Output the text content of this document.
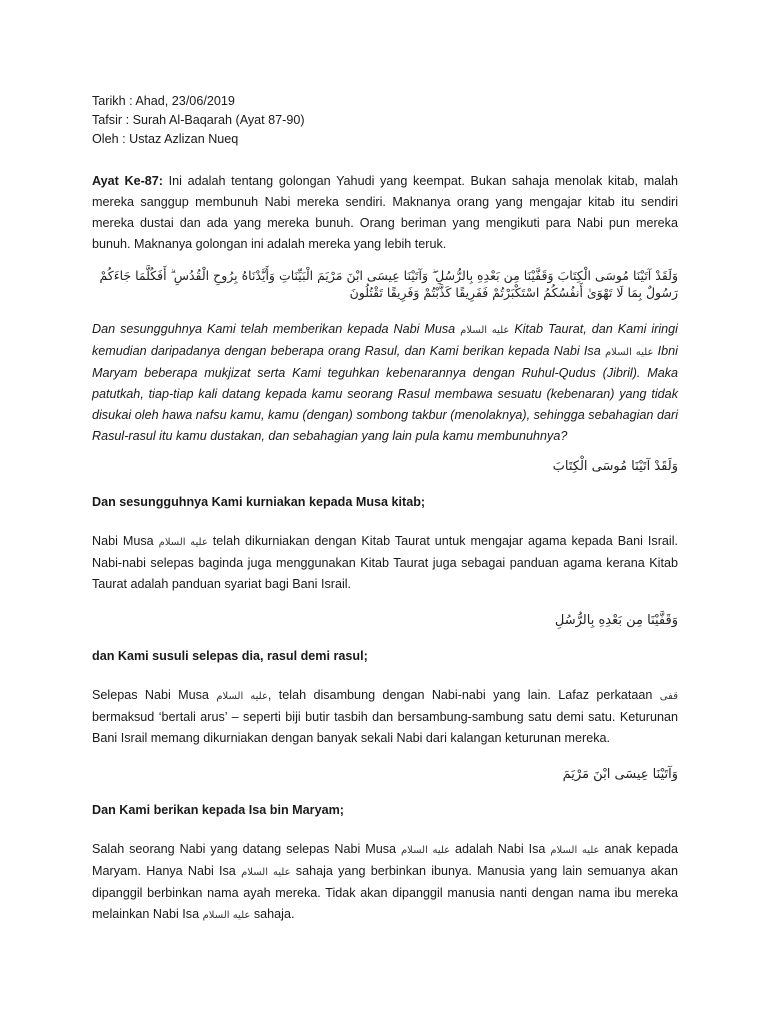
Tarikh : Ahad, 23/06/2019
Tafsir : Surah Al-Baqarah (Ayat 87-90)
Oleh : Ustaz Azlizan Nueq

Ayat Ke-87: Ini adalah tentang golongan Yahudi yang keempat. Bukan sahaja menolak kitab, malah mereka sanggup membunuh Nabi mereka sendiri. Maknanya orang yang mengajar kitab itu sendiri mereka dustai dan ada yang mereka bunuh. Orang beriman yang mengikuti para Nabi pun mereka bunuh. Maknanya golongan ini adalah mereka yang lebih teruk.

وَلَقَدْ آتَيْنَا مُوسَى الْكِتَابَ وَقَفَّيْنَا مِن بَعْدِهِ بِالرُّسُلِ ۖ وَآتَيْنَا عِيسَى ابْنَ مَرْيَمَ الْبَيِّنَاتِ وَأَيَّدْنَاهُ بِرُوحِ الْقُدُسِ ۗ أَفَكُلَّمَا جَاءَكُمْ رَسُولٌ بِمَا لَا تَهْوَىٰ أَنفُسُكُمُ اسْتَكْبَرْتُمْ فَفَرِيقًا كَذَّبْتُمْ وَفَرِيقًا تَقْتُلُونَ

Dan sesungguhnya Kami telah memberikan kepada Nabi Musa عليه السلام Kitab Taurat, dan Kami iringi kemudian daripadanya dengan beberapa orang Rasul, dan Kami berikan kepada Nabi Isa عليه السلام Ibni Maryam beberapa mukjizat serta Kami teguhkan kebenarannya dengan Ruhul-Qudus (Jibril). Maka patutkah, tiap-tiap kali datang kepada kamu seorang Rasul membawa sesuatu (kebenaran) yang tidak disukai oleh hawa nafsu kamu, kamu (dengan) sombong takbur (menolaknya), sehingga sebahagian dari Rasul-rasul itu kamu dustakan, dan sebahagian yang lain pula kamu membunuhnya?

وَلَقَدْ آتَيْنَا مُوسَى الْكِتَابَ

Dan sesungguhnya Kami kurniakan kepada Musa kitab;

Nabi Musa عليه السلام telah dikurniakan dengan Kitab Taurat untuk mengajar agama kepada Bani Israil. Nabi-nabi selepas baginda juga menggunakan Kitab Taurat juga sebagai panduan agama kerana Kitab Taurat adalah panduan syariat bagi Bani Israil.

وَقَفَّيْنَا مِن بَعْدِهِ بِالرُّسُلِ

dan Kami susuli selepas dia, rasul demi rasul;

Selepas Nabi Musa عليه السلام, telah disambung dengan Nabi-nabi yang lain. Lafaz perkataan قفى bermaksud ‘bertali arus’ – seperti biji butir tasbih dan bersambung-sambung satu demi satu. Keturunan Bani Israil memang dikurniakan dengan banyak sekali Nabi dari kalangan keturunan mereka.

وَآتَيْنَا عِيسَى ابْنَ مَرْيَمَ

Dan Kami berikan kepada Isa bin Maryam;

Salah seorang Nabi yang datang selepas Nabi Musa عليه السلام adalah Nabi Isa عليه السلام anak kepada Maryam. Hanya Nabi Isa عليه السلام sahaja yang berbinkan ibunya. Manusia yang lain semuanya akan dipanggil berbinkan nama ayah mereka. Tidak akan dipanggil manusia nanti dengan nama ibu mereka melainkan Nabi Isa عليه السلام sahaja.
